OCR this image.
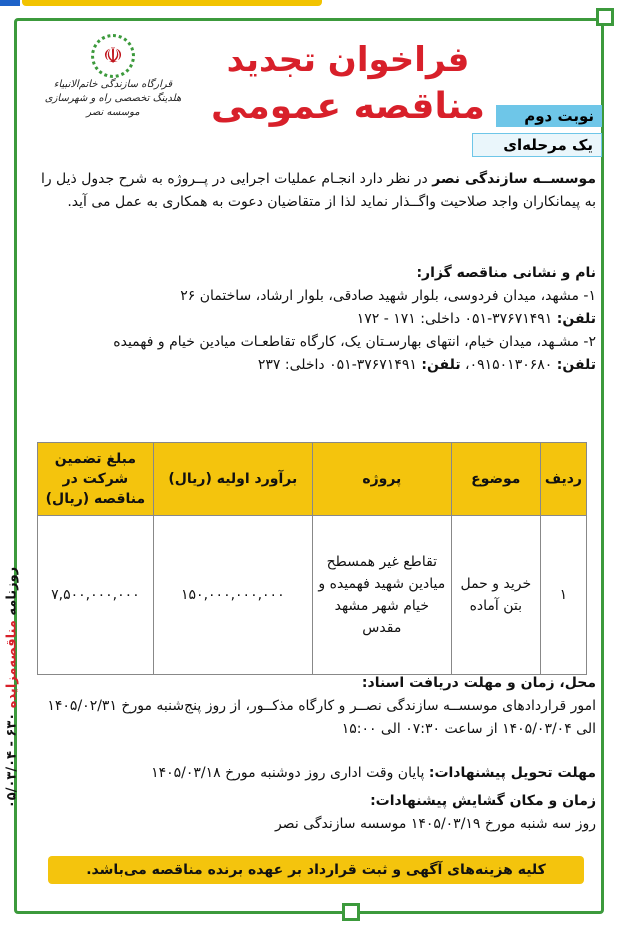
☫
قرارگاه سازندگی خاتم‌الانبیاء
هلدینگ تخصصی راه و شهرسازی
موسسه نصر
فراخوان تجدید
مناقصه عمومی	نوبت دوم
یک مرحله‌ای
موسســه سازندگی نصر در نظر دارد انجـام عملیات اجرایی در پــروژه به شرح جدول ذیل را به پیمانکاران واجد صلاحیت واگــذار نماید لذا از متقاضیان دعوت به همکاری به عمل می آید.
نام و نشانی مناقصه گزار:
۱- مشهد، میدان فردوسی، بلوار شهید صادقی، بلوار ارشاد، ساختمان ۲۶
تلفن: ۳۷۶۷۱۴۹۱-۰۵۱ داخلی: ۱۷۱ - ۱۷۲
۲- مشـهد، میدان خیام، انتهای بهارسـتان یک، کارگاه تقاطعـات میادین خیام و فهمیده
تلفن: ۰۹۱۵۰۱۳۰۶۸۰، تلفن: ۳۷۶۷۱۴۹۱-۰۵۱ داخلی: ۲۳۷
ردیف	موضوع	پروژه	برآورد اولیه (ریال)	مبلغ تضمین شرکت در مناقصه (ریال)
۱	خرید و حمل بتن آماده	تقاطع غیر همسطح میادین شهید فهمیده و خیام شهر مشهد مقدس	۱۵۰,۰۰۰,۰۰۰,۰۰۰	۷,۵۰۰,۰۰۰,۰۰۰
محل، زمان و مهلت دریافت اسناد:
امور قراردادهای موسســه سازندگی نصــر و کارگاه مذکــور، از روز پنج‌شنبه مورخ ۱۴۰۵/۰۲/۳۱ الی ۱۴۰۵/۰۳/۰۴ از ساعت ۰۷:۳۰ الی ۱۵:۰۰
مهلت تحویل پیشنهادات: پایان وقت اداری روز دوشنبه مورخ ۱۴۰۵/۰۳/۱۸
زمان و مکان گشایش پیشنهادات:
روز سه شنبه مورخ ۱۴۰۵/۰۳/۱۹ موسسه سازندگی نصر
کلیه هزینه‌های آگهی و ثبت قرارداد بر عهده برنده مناقصه می‌باشد.
روزنامه مناقصه‌مزایده ۶۳۰ - ۰۵/۰۳/۰۴
